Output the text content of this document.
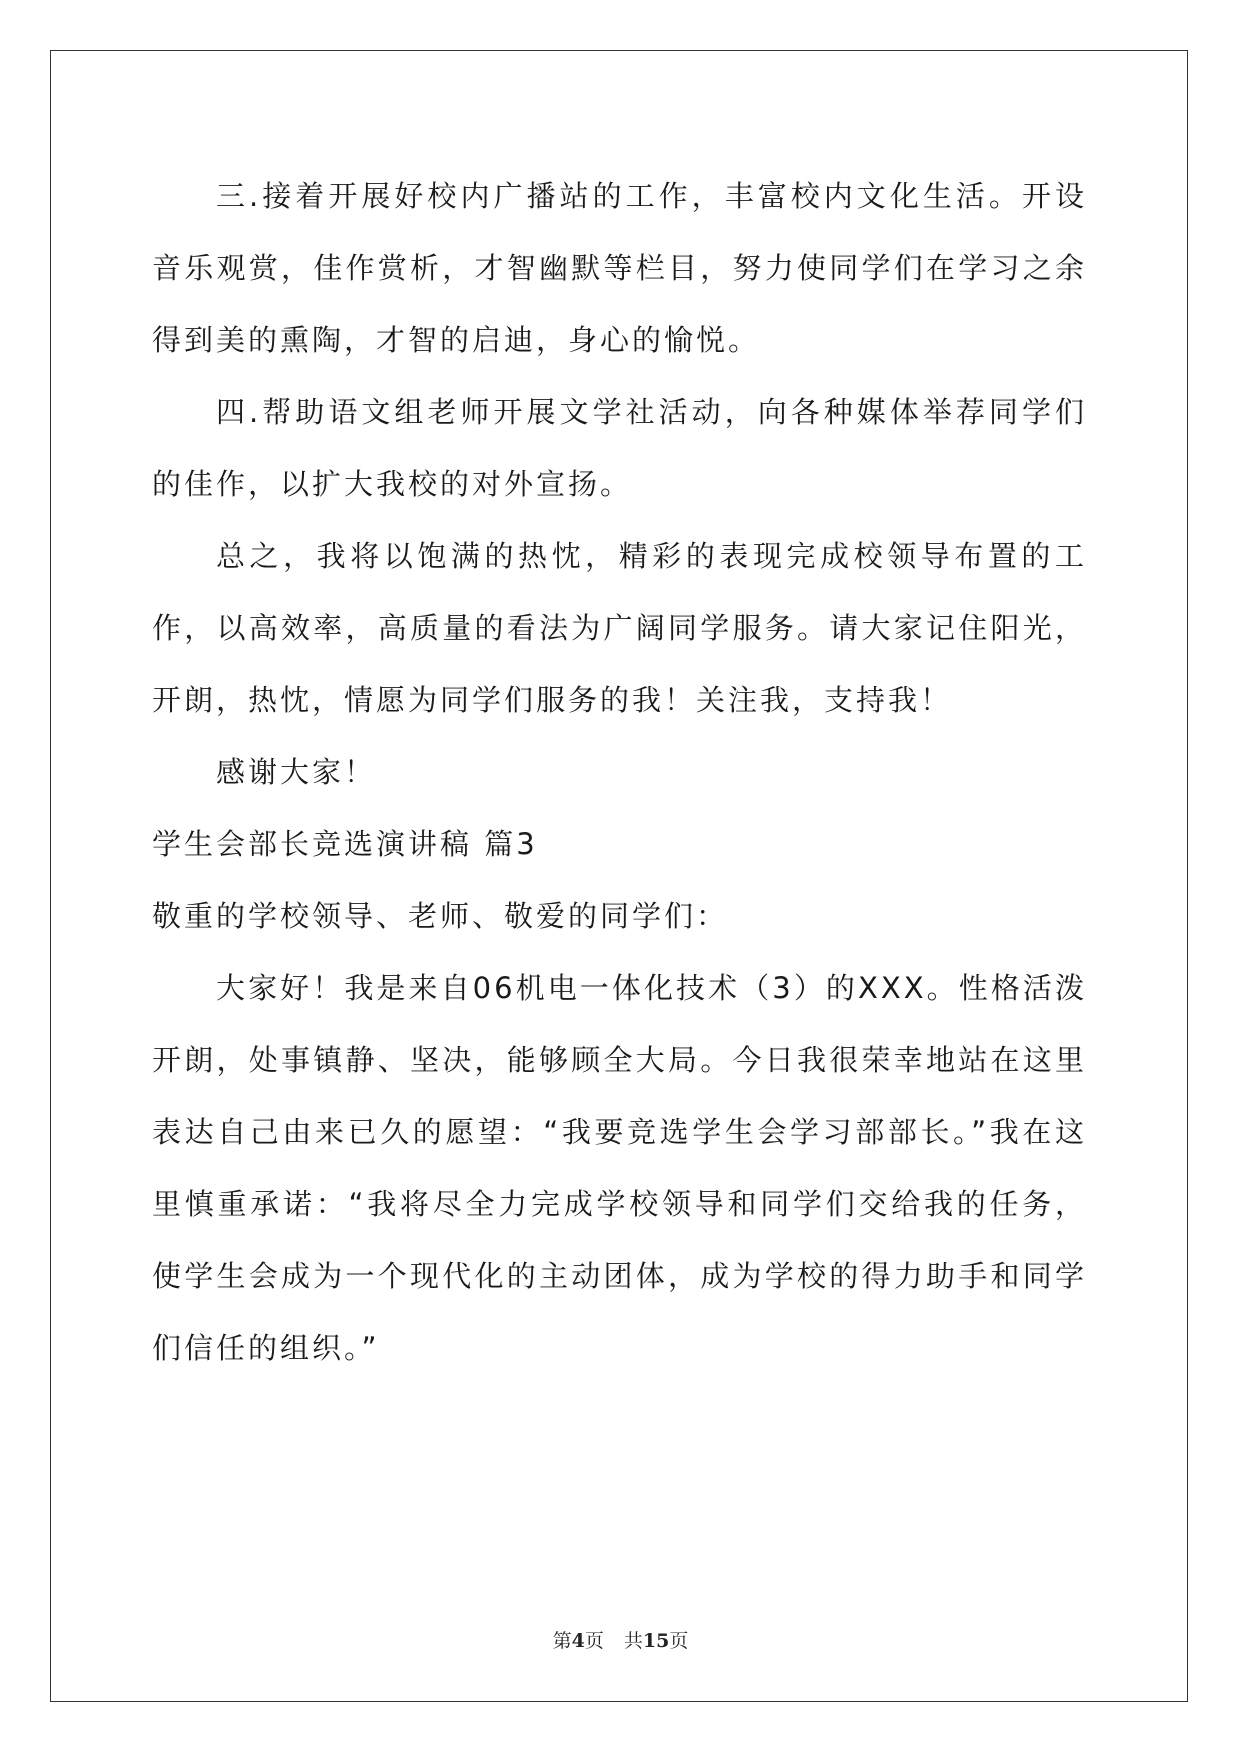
三.接着开展好校内广播站的工作，丰富校内文化生活。开设音乐观赏，佳作赏析，才智幽默等栏目，努力使同学们在学习之余得到美的熏陶，才智的启迪，身心的愉悦。

四.帮助语文组老师开展文学社活动，向各种媒体举荐同学们的佳作，以扩大我校的对外宣扬。

总之，我将以饱满的热忱，精彩的表现完成校领导布置的工作，以高效率，高质量的看法为广阔同学服务。请大家记住阳光，开朗，热忱，情愿为同学们服务的我！关注我，支持我！

感谢大家！

学生会部长竞选演讲稿 篇3

敬重的学校领导、老师、敬爱的同学们：

大家好！我是来自06机电一体化技术（3）的XXX。性格活泼开朗，处事镇静、坚决，能够顾全大局。今日我很荣幸地站在这里表达自己由来已久的愿望：“我要竞选学生会学习部部长。”我在这里慎重承诺：“我将尽全力完成学校领导和同学们交给我的任务，使学生会成为一个现代化的主动团体，成为学校的得力助手和同学们信任的组织。”

第4页 共15页
